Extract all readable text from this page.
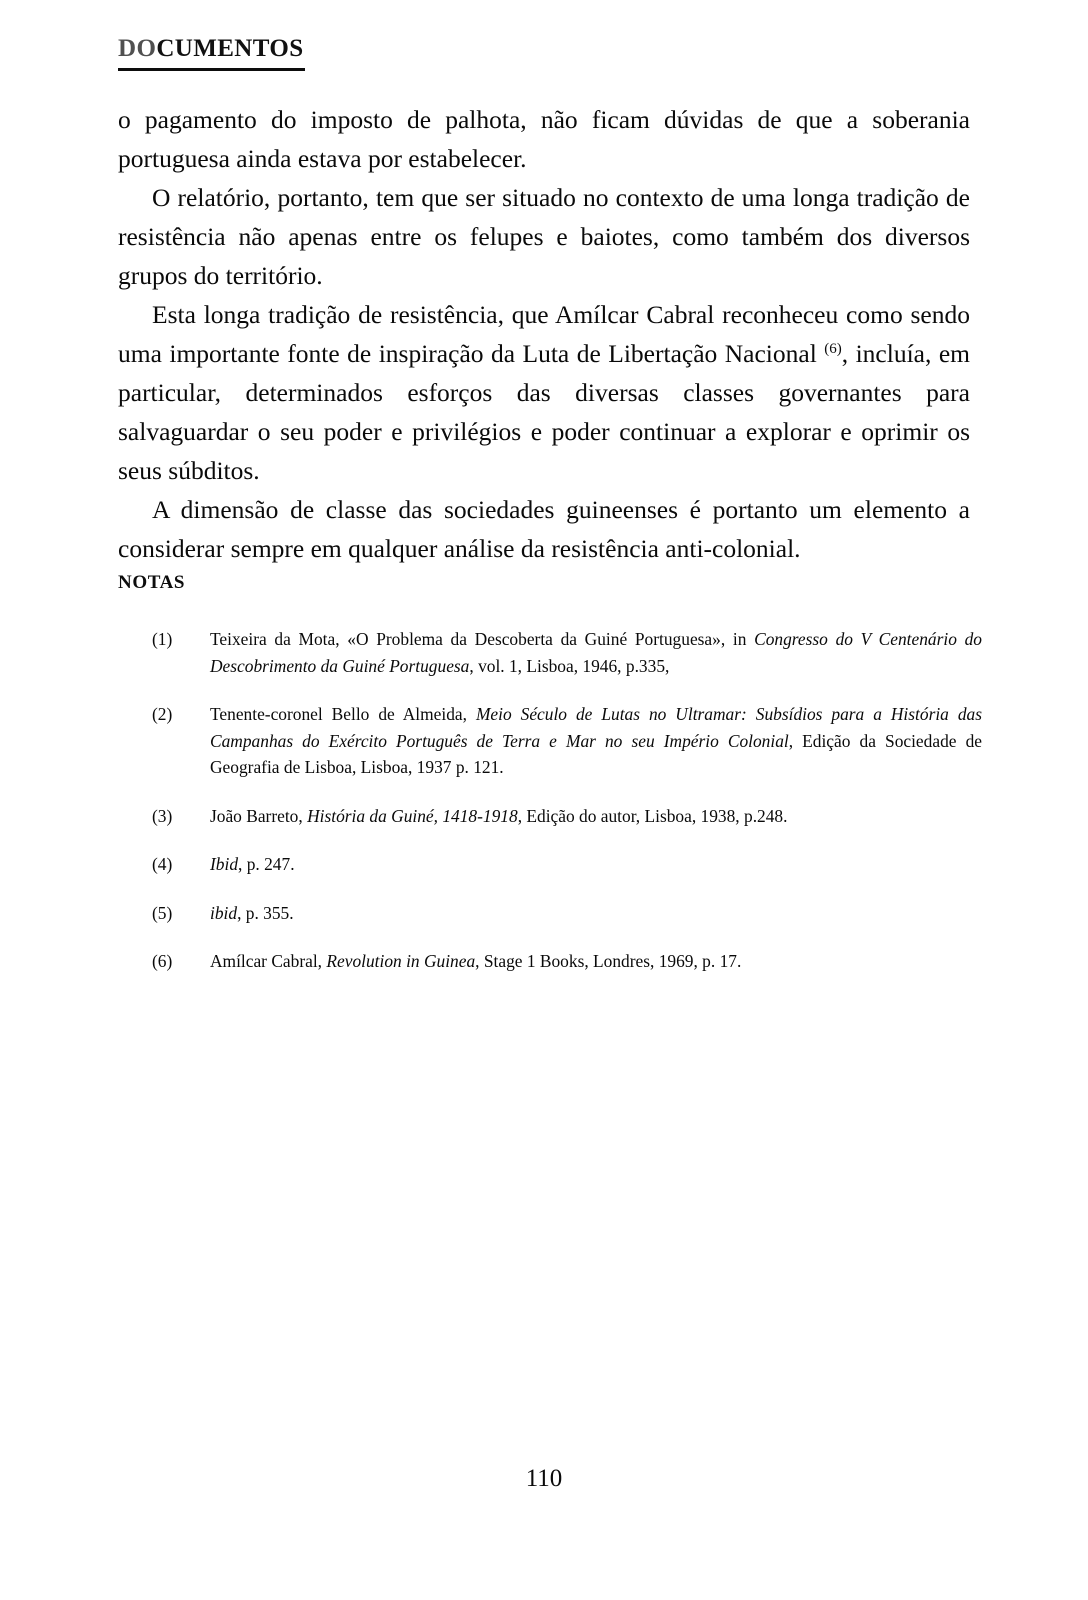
DOCUMENTOS

o pagamento do imposto de palhota, não ficam dúvidas de que a soberania portuguesa ainda estava por estabelecer.

O relatório, portanto, tem que ser situado no contexto de uma longa tradição de resistência não apenas entre os felupes e baiotes, como também dos diversos grupos do território.

Esta longa tradição de resistência, que Amílcar Cabral reconheceu como sendo uma importante fonte de inspiração da Luta de Libertação Nacional $^{(6)}$, incluía, em particular, determinados esforços das diversas classes governantes para salvaguardar o seu poder e privilégios e poder continuar a explorar e oprimir os seus súbditos.

A dimensão de classe das sociedades guineenses é portanto um elemento a considerar sempre em qualquer análise da resistência anti-colonial.

NOTAS
(1)	Teixeira da Mota, «O Problema da Descoberta da Guiné Portuguesa», in Congresso do V Centenário do Descobrimento da Guiné Portuguesa, vol. 1, Lisboa, 1946, p.335,
(2)	Tenente-coronel Bello de Almeida, Meio Século de Lutas no Ultramar: Subsídios para a História das Campanhas do Exército Português de Terra e Mar no seu Império Colonial, Edição da Sociedade de Geografia de Lisboa, Lisboa, 1937 p. 121.
(3)	João Barreto, História da Guiné, 1418-1918, Edição do autor, Lisboa, 1938, p.248.
(4)	Ibid, p. 247.
(5)	ibid, p. 355.
(6)	Amílcar Cabral, Revolution in Guinea, Stage 1 Books, Londres, 1969, p. 17.
110
